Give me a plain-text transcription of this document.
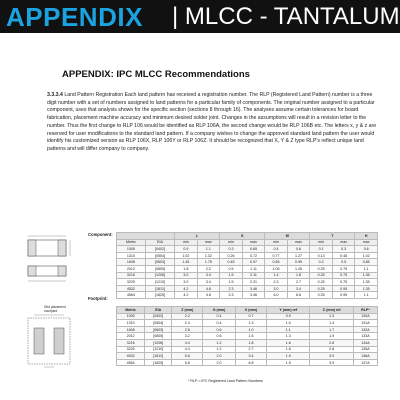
APPENDIX | MLCC - TANTALUM
APPENDIX: IPC MLCC Recommendations

3.3.3.4 Land Pattern Registration Each land pattern has received a registration number. The RLP (Registered Land Pattern) number is a three digit number with a set of numbers assigned to land patterns for a particular family of components. The original number assigned to a particular component, uses that analysis shown for the specific section (sections 8 through 16). The analyses assume certain tolerances for board fabrication, placement machine accuracy and minimum desired solder joint. Changes in the assumptions will result in a revision letter to the number. Thus the first change to RLP 106 would be identified as RLP 106A, the second change would be RLP 106B etc. The letters x, y & z are reserved for user modifications to the standard land pattern. If a company wishes to change the approved standard land pattern the user would identify his customized version as RLP 106X, RLP 106Y or RLP 106Z. It should be recognized that X, Y & Z type RLP’s reflect unique land patterns and will differ company to company.

Grid placement courtyard
Component:
		L		S		W		T		H
Metric	EIA	min	max	min	max	min	max	min	max	max
1005	[0402]	0.9	1.1	0.3	0.65	0.4	0.6	0.1	0.3	0.6
1310	[0504]	1.02	1.32	0.26	0.72	0.77	1.27	0.13	0.48	1.02
1608	[0603]	1.45	1.75	0.45	0.97	0.65	0.95	0.2	0.5	0.85
2012	[0805]	1.8	2.2	0.5	1.11	1.05	1.45	0.25	0.75	1.1
3216	[1206]	3.0	3.4	1.5	2.11	1.4	1.8	0.25	0.75	1.35
3225	[1210]	3.0	3.4	1.5	2.31	2.3	2.7	0.25	0.75	1.35
4532	[1812]	4.2	4.8	2.3	3.46	3.0	3.4	0.25	0.95	1.35
4564	[1825]	4.2	4.8	2.3	3.46	6.0	6.8	0.25	0.95	1.1
Footprint:
Metric	EIA	Z (mm)	G (mm)	X (mm)	Y (mm) ref	C (mm) ref	RLP*
1005	[0402]	2.2	0.4	0.7	0.9	1.3	130A
1310	[0504]	2.4	0.4	1.3	1.0	1.4	131A
1608	[0603]	2.8	0.6	1.0	1.1	1.7	132A
2012	[0805]	3.2	0.6	1.5	1.3	1.9	133A
3216	[1206]	4.4	1.2	1.8	1.6	2.8	134A
3225	[1210]	4.4	1.2	2.7	1.6	2.8	135A
4532	[1812]	5.8	2.0	3.4	1.9	3.9	136A
4564	[1825]	5.8	2.0	6.8	1.9	3.9	137A
* RLP = IPC Registered Land Pattern Numbers
